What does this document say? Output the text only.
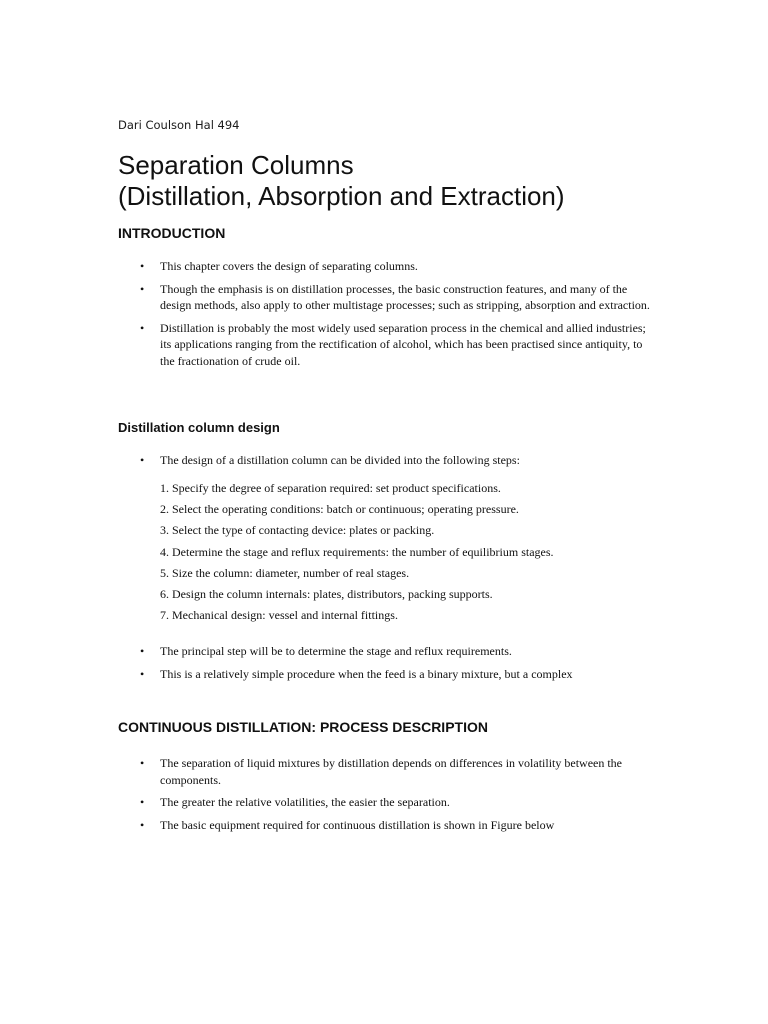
Dari Coulson Hal 494
Separation Columns
(Distillation, Absorption and Extraction)
INTRODUCTION
• This chapter covers the design of separating columns.
• Though the emphasis is on distillation processes, the basic construction features, and many of the design methods, also apply to other multistage processes; such as stripping, absorption and extraction.
• Distillation is probably the most widely used separation process in the chemical and allied industries; its applications ranging from the rectification of alcohol, which has been practised since antiquity, to the fractionation of crude oil.
Distillation column design
• The design of a distillation column can be divided into the following steps:
1. Specify the degree of separation required: set product specifications.
2. Select the operating conditions: batch or continuous; operating pressure.
3. Select the type of contacting device: plates or packing.
4. Determine the stage and reflux requirements: the number of equilibrium stages.
5. Size the column: diameter, number of real stages.
6. Design the column internals: plates, distributors, packing supports.
7. Mechanical design: vessel and internal fittings.
• The principal step will be to determine the stage and reflux requirements.
• This is a relatively simple procedure when the feed is a binary mixture, but a complex
CONTINUOUS DISTILLATION: PROCESS DESCRIPTION
• The separation of liquid mixtures by distillation depends on differences in volatility between the components.
• The greater the relative volatilities, the easier the separation.
• The basic equipment required for continuous distillation is shown in Figure below
